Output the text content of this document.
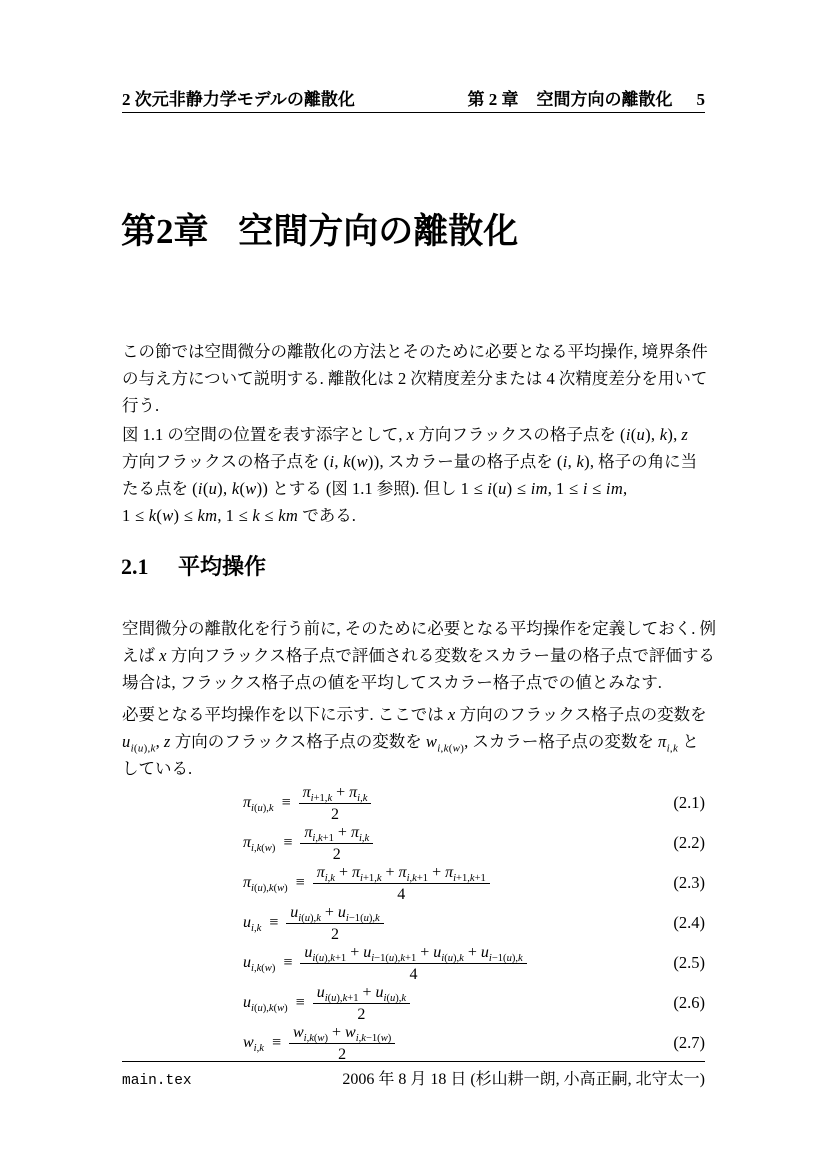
2 次元非静力学モデルの離散化	第 2 章 空間方向の離散化 5
第2章 空間方向の離散化
この節では空間微分の離散化の方法とそのために必要となる平均操作, 境界条件
の与え方について説明する. 離散化は 2 次精度差分または 4 次精度差分を用いて
行う.
図 1.1 の空間の位置を表す添字として, x 方向フラックスの格子点を (i(u), k), z
方向フラックスの格子点を (i, k(w)), スカラー量の格子点を (i, k), 格子の角に当
たる点を (i(u), k(w)) とする (図 1.1 参照). 但し 1 ≤ i(u) ≤ im, 1 ≤ i ≤ im,
1 ≤ k(w) ≤ km, 1 ≤ k ≤ km である.
2.1 平均操作
空間微分の離散化を行う前に, そのために必要となる平均操作を定義しておく. 例
えば x 方向フラックス格子点で評価される変数をスカラー量の格子点で評価する
場合は, フラックス格子点の値を平均してスカラー格子点での値とみなす.
必要となる平均操作を以下に示す. ここでは x 方向のフラックス格子点の変数を
$u_{i(u),k}$, z 方向のフラックス格子点の変数を $w_{i,k(w)}$, スカラー格子点の変数を $\pi_{i,k}$ と
している.
$\pi_{i(u),k} \equiv \frac{\pi_{i+1,k} + \pi_{i,k}}{2}$	(2.1)
$\pi_{i,k(w)} \equiv \frac{\pi_{i,k+1} + \pi_{i,k}}{2}$	(2.2)
$\pi_{i(u),k(w)} \equiv \frac{\pi_{i,k} + \pi_{i+1,k} + \pi_{i,k+1} + \pi_{i+1,k+1}}{4}$	(2.3)
$u_{i,k} \equiv \frac{u_{i(u),k} + u_{i-1(u),k}}{2}$	(2.4)
$u_{i,k(w)} \equiv \frac{u_{i(u),k+1} + u_{i-1(u),k+1} + u_{i(u),k} + u_{i-1(u),k}}{4}$	(2.5)
$u_{i(u),k(w)} \equiv \frac{u_{i(u),k+1} + u_{i(u),k}}{2}$	(2.6)
$w_{i,k} \equiv \frac{w_{i,k(w)} + w_{i,k-1(w)}}{2}$	(2.7)
main.tex	2006 年 8 月 18 日 (杉山耕一朗, 小高正嗣, 北守太一)
